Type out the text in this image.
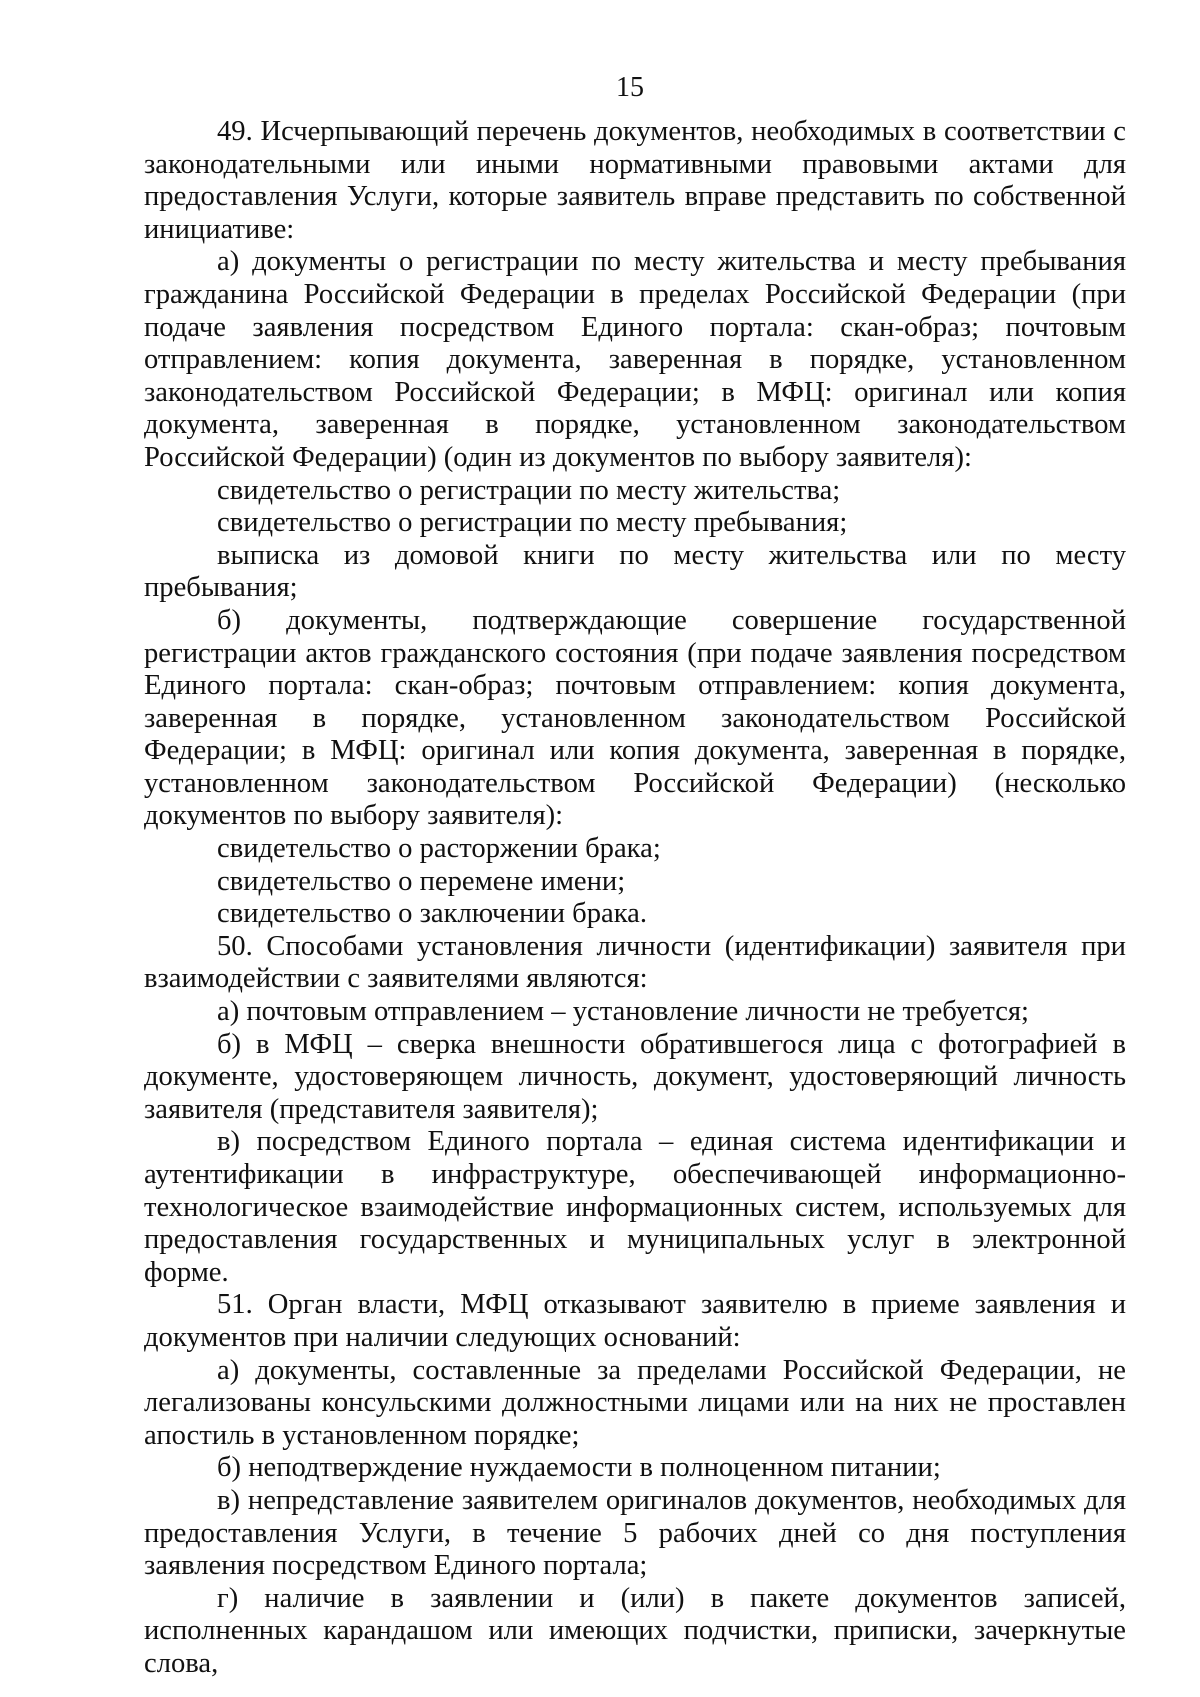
15

49. Исчерпывающий перечень документов, необходимых в соответствии с законодательными или иными нормативными правовыми актами для предоставления Услуги, которые заявитель вправе представить по собственной инициативе:

а) документы о регистрации по месту жительства и месту пребывания гражданина Российской Федерации в пределах Российской Федерации (при подаче заявления посредством Единого портала: скан-образ; почтовым отправлением: копия документа, заверенная в порядке, установленном законодательством Российской Федерации; в МФЦ: оригинал или копия документа, заверенная в порядке, установленном законодательством Российской Федерации) (один из документов по выбору заявителя):

свидетельство о регистрации по месту жительства;

свидетельство о регистрации по месту пребывания;

выписка из домовой книги по месту жительства или по месту пребывания;

б) документы, подтверждающие совершение государственной регистрации актов гражданского состояния (при подаче заявления посредством Единого портала: скан-образ; почтовым отправлением: копия документа, заверенная в порядке, установленном законодательством Российской Федерации; в МФЦ: оригинал или копия документа, заверенная в порядке, установленном законодательством Российской Федерации) (несколько документов по выбору заявителя):

свидетельство о расторжении брака;

свидетельство о перемене имени;

свидетельство о заключении брака.

50. Способами установления личности (идентификации) заявителя при взаимодействии с заявителями являются:

а) почтовым отправлением – установление личности не требуется;

б) в МФЦ – сверка внешности обратившегося лица с фотографией в документе, удостоверяющем личность, документ, удостоверяющий личность заявителя (представителя заявителя);

в) посредством Единого портала – единая система идентификации и аутентификации в инфраструктуре, обеспечивающей информационно-технологическое взаимодействие информационных систем, используемых для предоставления государственных и муниципальных услуг в электронной форме.

51. Орган власти, МФЦ отказывают заявителю в приеме заявления и документов при наличии следующих оснований:

а) документы, составленные за пределами Российской Федерации, не легализованы консульскими должностными лицами или на них не проставлен апостиль в установленном порядке;

б) неподтверждение нуждаемости в полноценном питании;

в) непредставление заявителем оригиналов документов, необходимых для предоставления Услуги, в течение 5 рабочих дней со дня поступления заявления посредством Единого портала;

г) наличие в заявлении и (или) в пакете документов записей, исполненных карандашом или имеющих подчистки, приписки, зачеркнутые слова,
